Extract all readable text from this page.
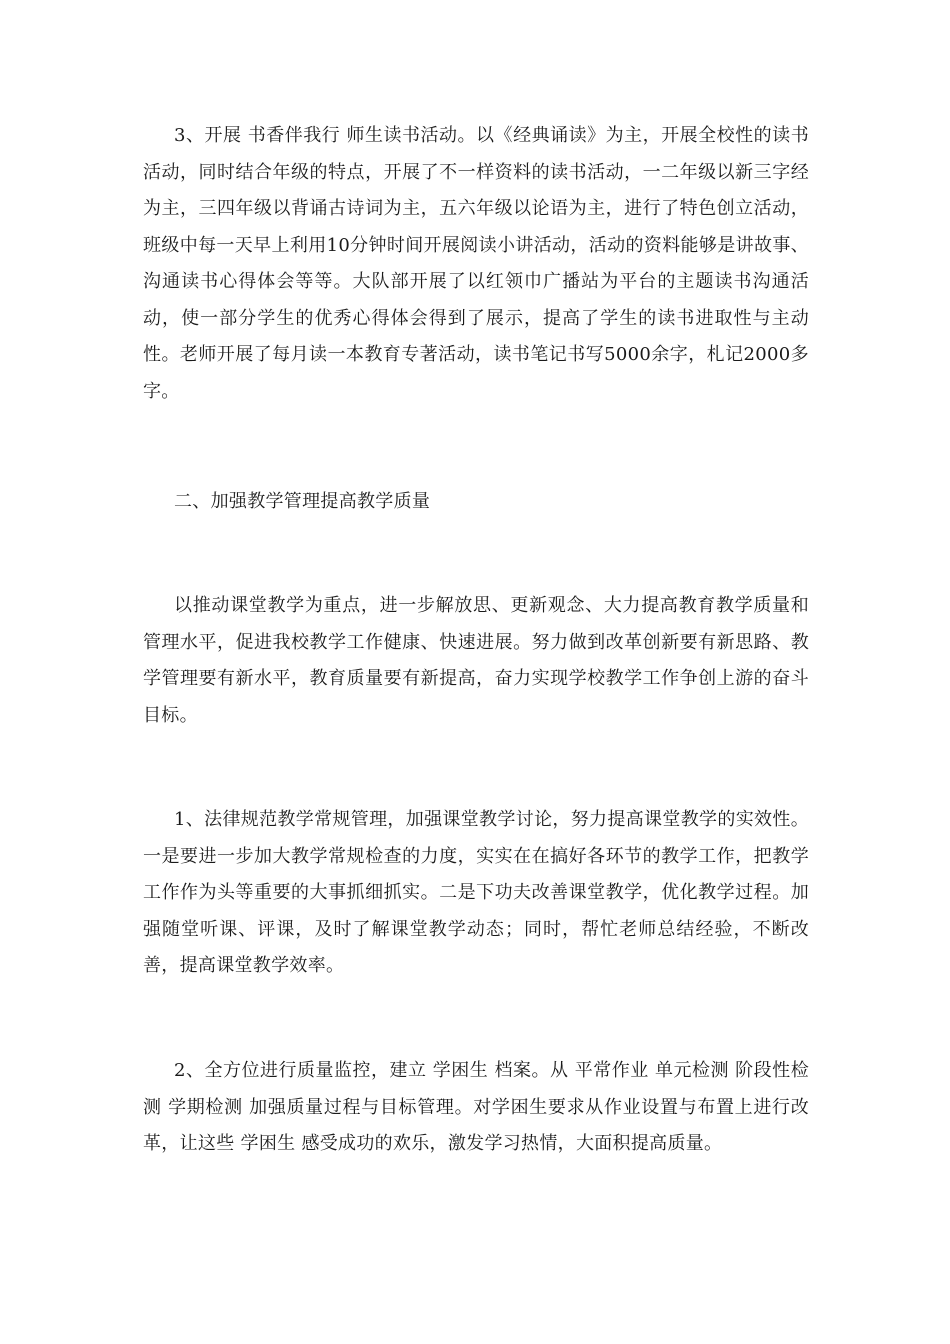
3、开展 书香伴我行 师生读书活动。以《经典诵读》为主，开展全校性的读书活动，同时结合年级的特点，开展了不一样资料的读书活动，一二年级以新三字经为主，三四年级以背诵古诗词为主，五六年级以论语为主，进行了特色创立活动，班级中每一天早上利用10分钟时间开展阅读小讲活动，活动的资料能够是讲故事、沟通读书心得体会等等。大队部开展了以红领巾广播站为平台的主题读书沟通活动，使一部分学生的优秀心得体会得到了展示，提高了学生的读书进取性与主动性。老师开展了每月读一本教育专著活动，读书笔记书写5000余字，札记2000多字。

二、加强教学管理提高教学质量

以推动课堂教学为重点，进一步解放思、更新观念、大力提高教育教学质量和管理水平，促进我校教学工作健康、快速进展。努力做到改革创新要有新思路、教学管理要有新水平，教育质量要有新提高，奋力实现学校教学工作争创上游的奋斗目标。

1、法律规范教学常规管理，加强课堂教学讨论，努力提高课堂教学的实效性。一是要进一步加大教学常规检查的力度，实实在在搞好各环节的教学工作，把教学工作作为头等重要的大事抓细抓实。二是下功夫改善课堂教学，优化教学过程。加强随堂听课、评课，及时了解课堂教学动态；同时，帮忙老师总结经验，不断改善，提高课堂教学效率。

2、全方位进行质量监控，建立 学困生 档案。从 平常作业 单元检测 阶段性检测 学期检测 加强质量过程与目标管理。对学困生要求从作业设置与布置上进行改革，让这些 学困生 感受成功的欢乐，激发学习热情，大面积提高质量。
